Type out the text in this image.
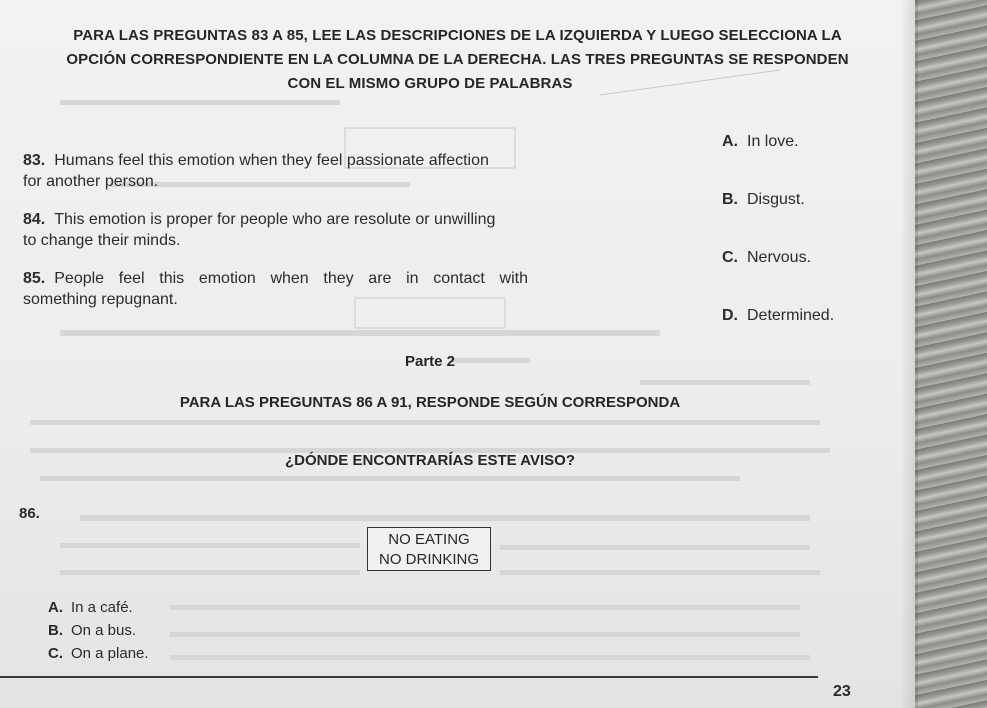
PARA LAS PREGUNTAS 83 A 85, LEE LAS DESCRIPCIONES DE LA IZQUIERDA Y LUEGO SELECCIONA LA
OPCIÓN CORRESPONDIENTE EN LA COLUMNA DE LA DERECHA. LAS TRES PREGUNTAS SE RESPONDEN
CON EL MISMO GRUPO DE PALABRAS
83. Humans feel this emotion when they feel passionate affection
for another person.
84. This emotion is proper for people who are resolute or unwilling
to change their minds.
85. People feel this emotion when they are in contact with
something repugnant.
A. In love.
B. Disgust.
C. Nervous.
D. Determined.
Parte 2
PARA LAS PREGUNTAS 86 A 91, RESPONDE SEGÚN CORRESPONDA
¿DÓNDE ENCONTRARÍAS ESTE AVISO?
86.
NO EATING
NO DRINKING
A. In a café.
B. On a bus.
C. On a plane.
23
